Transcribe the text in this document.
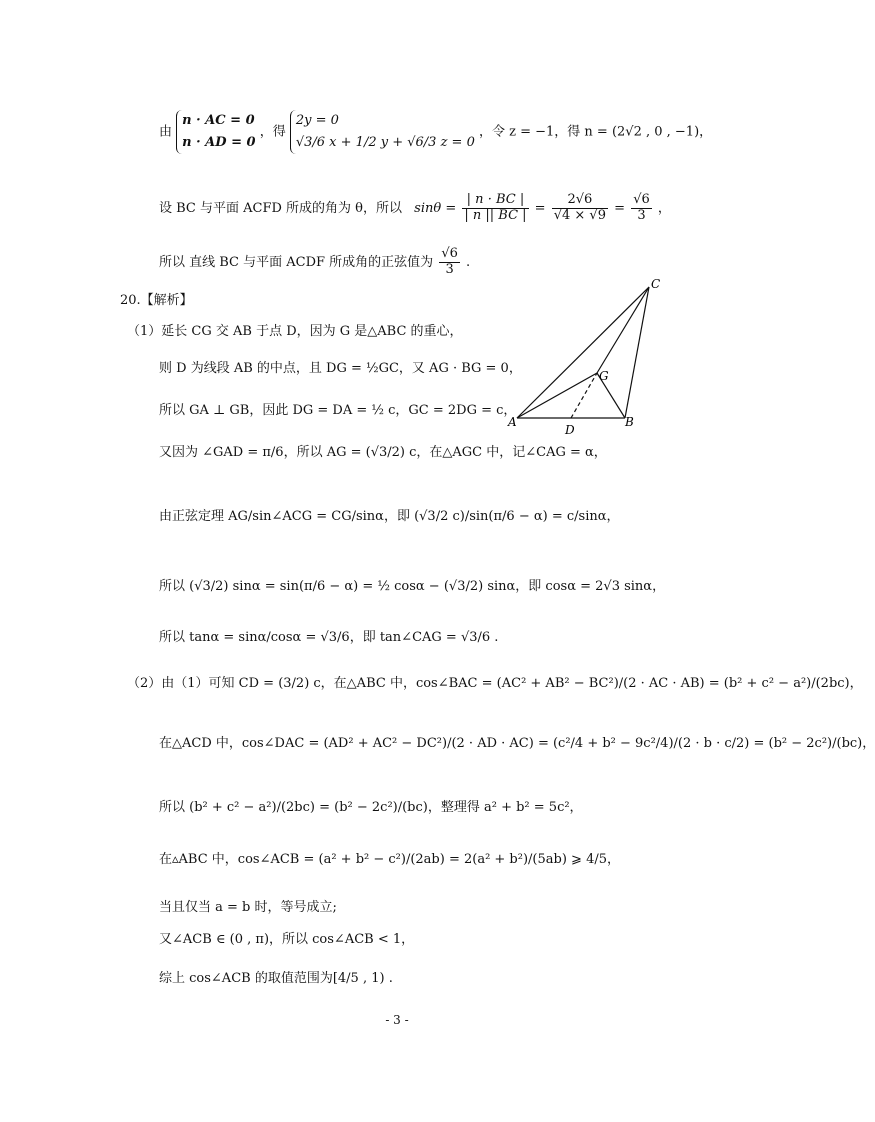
由
n · AC = 0
n · AD = 0
，得
2y = 0
√3/6 x + 1/2 y + √6/3 z = 0
，令 z = −1，得 n = (2√2 , 0 , −1)，
设 BC 与平面 ACFD 所成的角为 θ，所以 $\sin\theta = \frac{| n \cdot BC |}{| n || BC |} = \frac{2√6}{√4 \times √9} = \frac{√6}{3}$ ，
所以 直线 BC 与平面 ACDF 所成角的正弦值为 $\frac{√6}{3}$ .
20.【解析】
（1）延长 CG 交 AB 于点 D，因为 G 是△ABC 的重心，
则 D 为线段 AB 的中点，且 DG = ½GC，又 AG · BG = 0，
所以 GA ⊥ GB，因此 DG = DA = ½ c，GC = 2DG = c，
又因为 ∠GAD = π/6，所以 AG = (√3/2) c，在△AGC 中，记∠CAG = α，
由正弦定理 AG/sin∠ACG = CG/sinα，即 (√3/2 c)/sin(π/6 − α) = c/sinα，
所以 (√3/2) sinα = sin(π/6 − α) = ½ cosα − (√3/2) sinα，即 cosα = 2√3 sinα，
所以 tanα = sinα/cosα = √3/6，即 tan∠CAG = √3/6 .
（2）由（1）可知 CD = (3/2) c，在△ABC 中，cos∠BAC = (AC² + AB² − BC²)/(2 · AC · AB) = (b² + c² − a²)/(2bc)，
在△ACD 中，cos∠DAC = (AD² + AC² − DC²)/(2 · AD · AC) = (c²/4 + b² − 9c²/4)/(2 · b · c/2) = (b² − 2c²)/(bc)，
所以 (b² + c² − a²)/(2bc) = (b² − 2c²)/(bc)，整理得 a² + b² = 5c²，
在▵ABC 中，cos∠ACB = (a² + b² − c²)/(2ab) = 2(a² + b²)/(5ab) ⩾ 4/5，
当且仅当 a = b 时，等号成立;
又∠ACB ∈ (0 , π)，所以 cos∠ACB < 1，
综上 cos∠ACB 的取值范围为[4/5 , 1) .
C
G
A	B
D
- 3 -
